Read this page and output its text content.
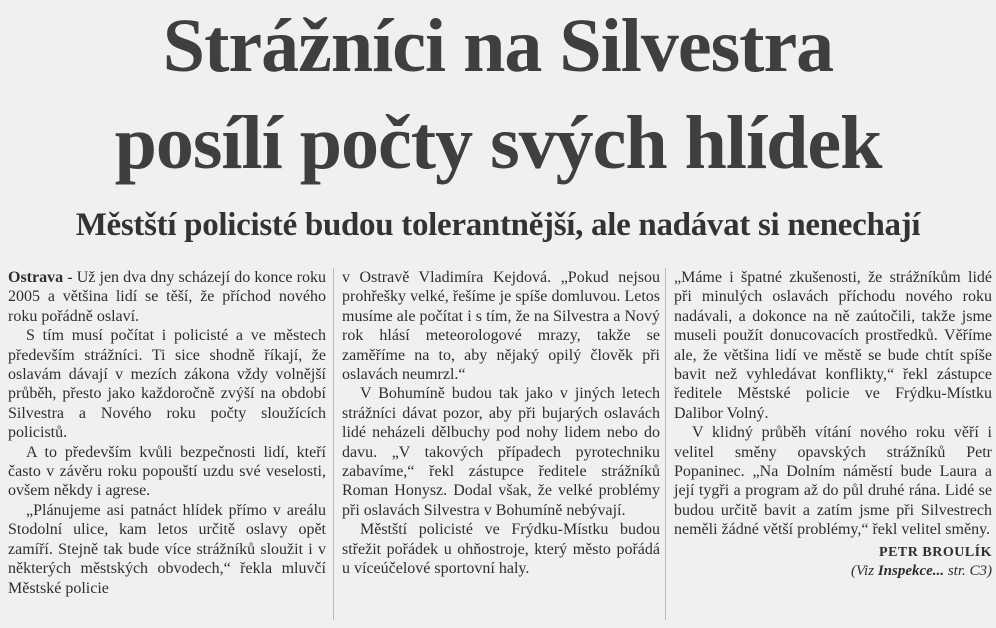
Strážníci na Silvestra
posílí počty svých hlídek
Městští policisté budou tolerantnější, ale nadávat si nenechají

Ostrava - Už jen dva dny scházejí do konce roku 2005 a většina lidí se těší, že příchod nového roku pořádně oslaví.

S tím musí počítat i policisté a ve městech především strážníci. Ti sice shodně říkají, že oslavám dávají v mezích zákona vždy volnější průběh, přesto jako každoročně zvýší na období Silvestra a Nového roku počty sloužících policistů.

A to především kvůli bezpečnosti lidí, kteří často v závěru roku popouští uzdu své veselosti, ovšem někdy i agrese.

„Plánujeme asi patnáct hlídek přímo v areálu Stodolní ulice, kam letos určitě oslavy opět zamíří. Stejně tak bude více strážníků sloužit i v některých městských obvodech,“ řekla mluvčí Městské policie

v Ostravě Vladimíra Kejdová. „Pokud nejsou prohřešky velké, řešíme je spíše domluvou. Letos musíme ale počítat i s tím, že na Silvestra a Nový rok hlásí meteorologové mrazy, takže se zaměříme na to, aby nějaký opilý člověk při oslavách neumrzl.“

V Bohumíně budou tak jako v jiných letech strážníci dávat pozor, aby při bujarých oslavách lidé neházeli dělbuchy pod nohy lidem nebo do davu. „V takových případech pyrotechniku zabavíme,“ řekl zástupce ředitele strážníků Roman Honysz. Dodal však, že velké problémy při oslavách Silvestra v Bohumíně nebývají.

Městští policisté ve Frýdku-Místku budou střežit pořádek u ohňostroje, který město pořádá u víceúčelové sportovní haly.

„Máme i špatné zkušenosti, že strážníkům lidé při minulých oslavách příchodu nového roku nadávali, a dokonce na ně zaútočili, takže jsme museli použít donucovacích prostředků. Věříme ale, že většina lidí ve městě se bude chtít spíše bavit než vyhledávat konflikty,“ řekl zástupce ředitele Městské policie ve Frýdku-Místku Dalibor Volný.

V klidný průběh vítání nového roku věří i velitel směny opavských strážníků Petr Popaninec. „Na Dolním náměstí bude Laura a její tygři a program až do půl druhé rána. Lidé se budou určitě bavit a zatím jsme při Silvestrech neměli žádné větší problémy,“ řekl velitel směny.

PETR BROULÍK
(Viz Inspekce... str. C3)
